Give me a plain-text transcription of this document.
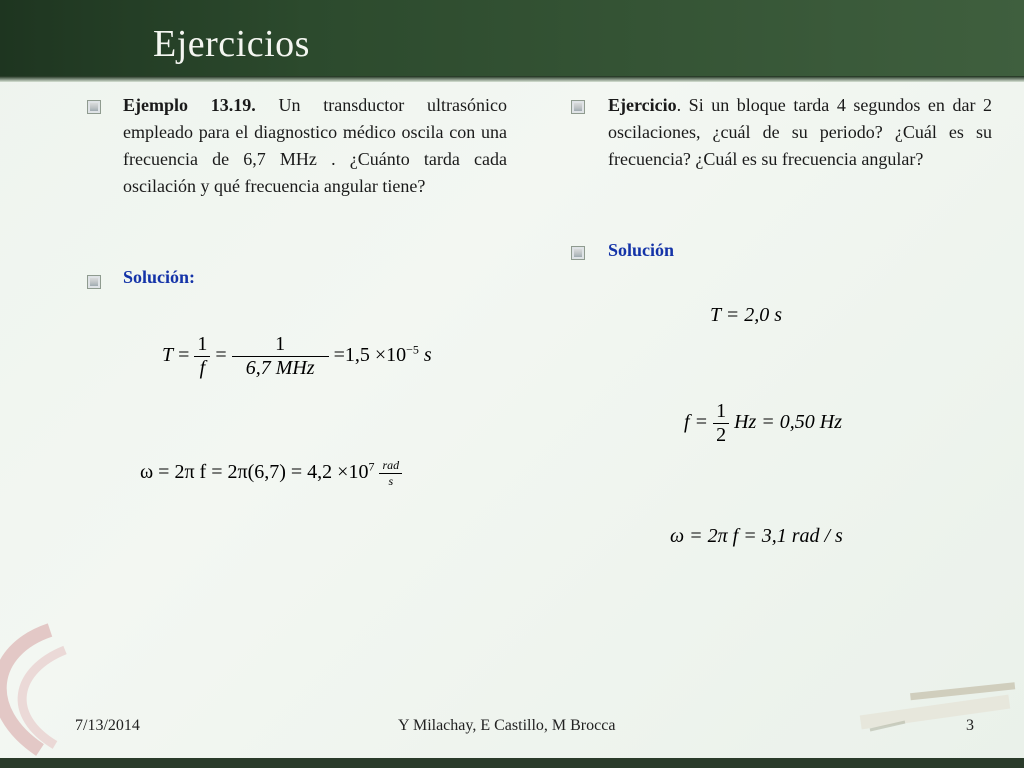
Ejercicios

Ejemplo 13.19. Un transductor ultrasónico empleado para el diagnostico médico oscila con una frecuencia de 6,7 MHz . ¿Cuánto tarda cada oscilación y qué frecuencia angular tiene?

Solución:

$T = \frac{1}{f} = \frac{1}{\text{6,7 MHz}} =1,5 \times 10^{-5}$ s
ω = 2π $f = 2\pi(6,7) = 4,2 \times 10^7 \frac{\text{rad}}{s}$

Ejercicio. Si un bloque tarda 4 segundos en dar 2 oscilaciones, ¿cuál de su periodo? ¿Cuál es su frecuencia? ¿Cuál es su frecuencia angular?

Solución

T = 2,0 s
$f = \frac{1}{2}$ Hz = 0,50 Hz
ω = 2π f = 3,1 rad / s
7/13/2014	Y Milachay, E Castillo, M Brocca	3
